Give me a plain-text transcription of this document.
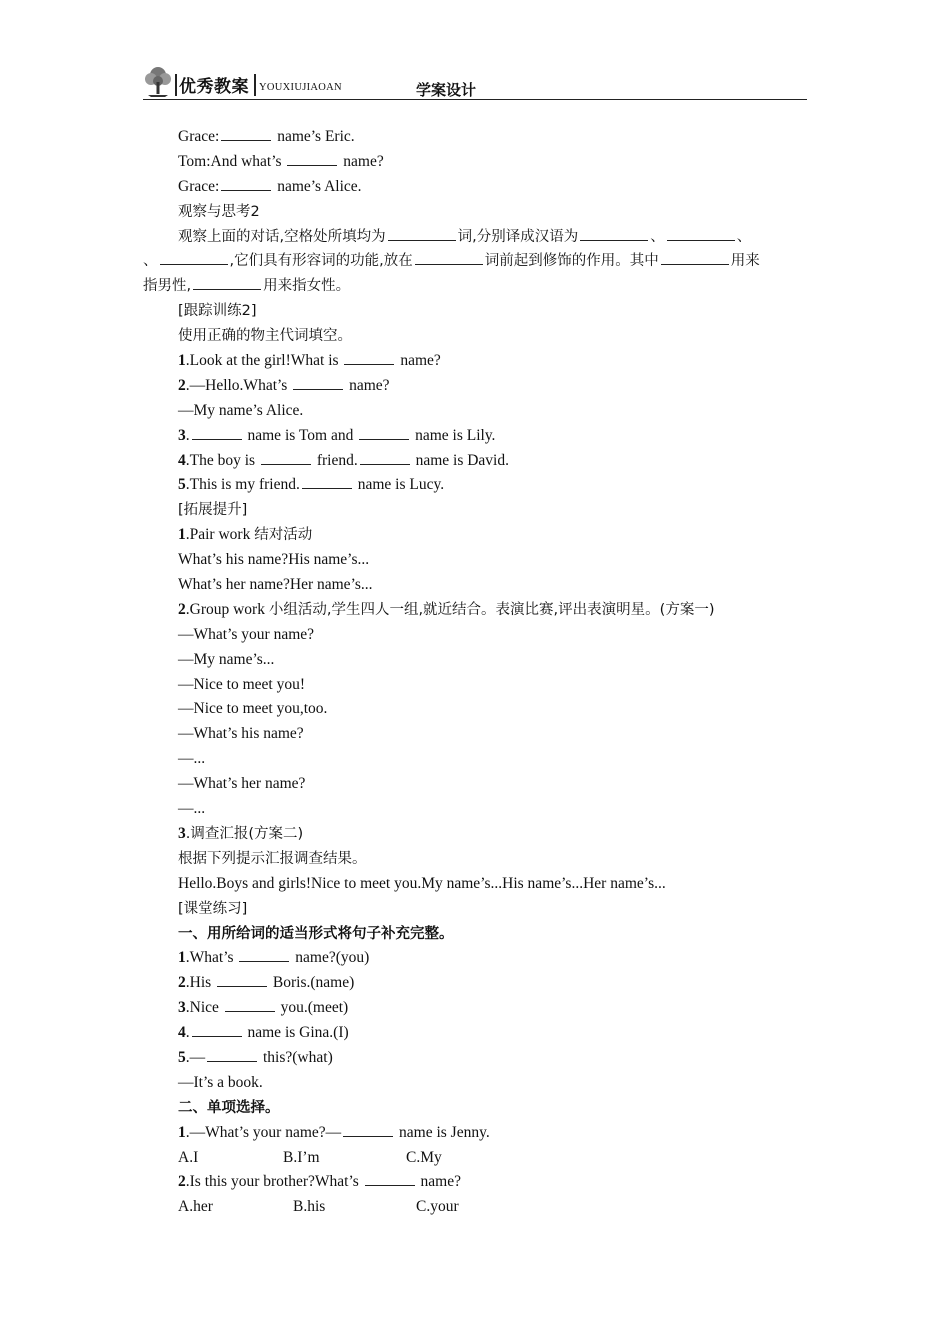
优秀教案 YOUXIUJIAOAN	学案设计
Grace:	name’s Eric.
Tom:And what’s	name?
Grace:	name’s Alice.
观察与思考2
观察上面的对话,空格处所填均为	词,分别译成汉语为	、	、
、	,它们具有形容词的功能,放在	词前起到修饰的作用。其中	用来
指男性,	用来指女性。
[跟踪训练2]
使用正确的物主代词填空。
1.Look at the girl!What is	name?
2.—Hello.What’s	name?
—My name’s Alice.
3.	name is Tom and	name is Lily.
4.The boy is	friend.	name is David.
5.This is my friend.	name is Lucy.
[拓展提升]
1.Pair work 结对活动
What’s his name?His name’s...
What’s her name?Her name’s...
2.Group work 小组活动,学生四人一组,就近结合。表演比赛,评出表演明星。(方案一)
—What’s your name?
—My name’s...
—Nice to meet you!
—Nice to meet you,too.
—What’s his name?
—...
—What’s her name?
—...
3.调查汇报(方案二)
根据下列提示汇报调查结果。
Hello.Boys and girls!Nice to meet you.My name’s...His name’s...Her name’s...
[课堂练习]
一、用所给词的适当形式将句子补充完整。
1.What’s	name?(you)
2.His	Boris.(name)
3.Nice	you.(meet)
4.	name is Gina.(I)
5.—	this?(what)
—It’s a book.
二、单项选择。
1.—What’s your name?—	name is Jenny.
A.I	B.I’m	C.My
2.Is this your brother?What’s	name?
A.her	B.his	C.your
